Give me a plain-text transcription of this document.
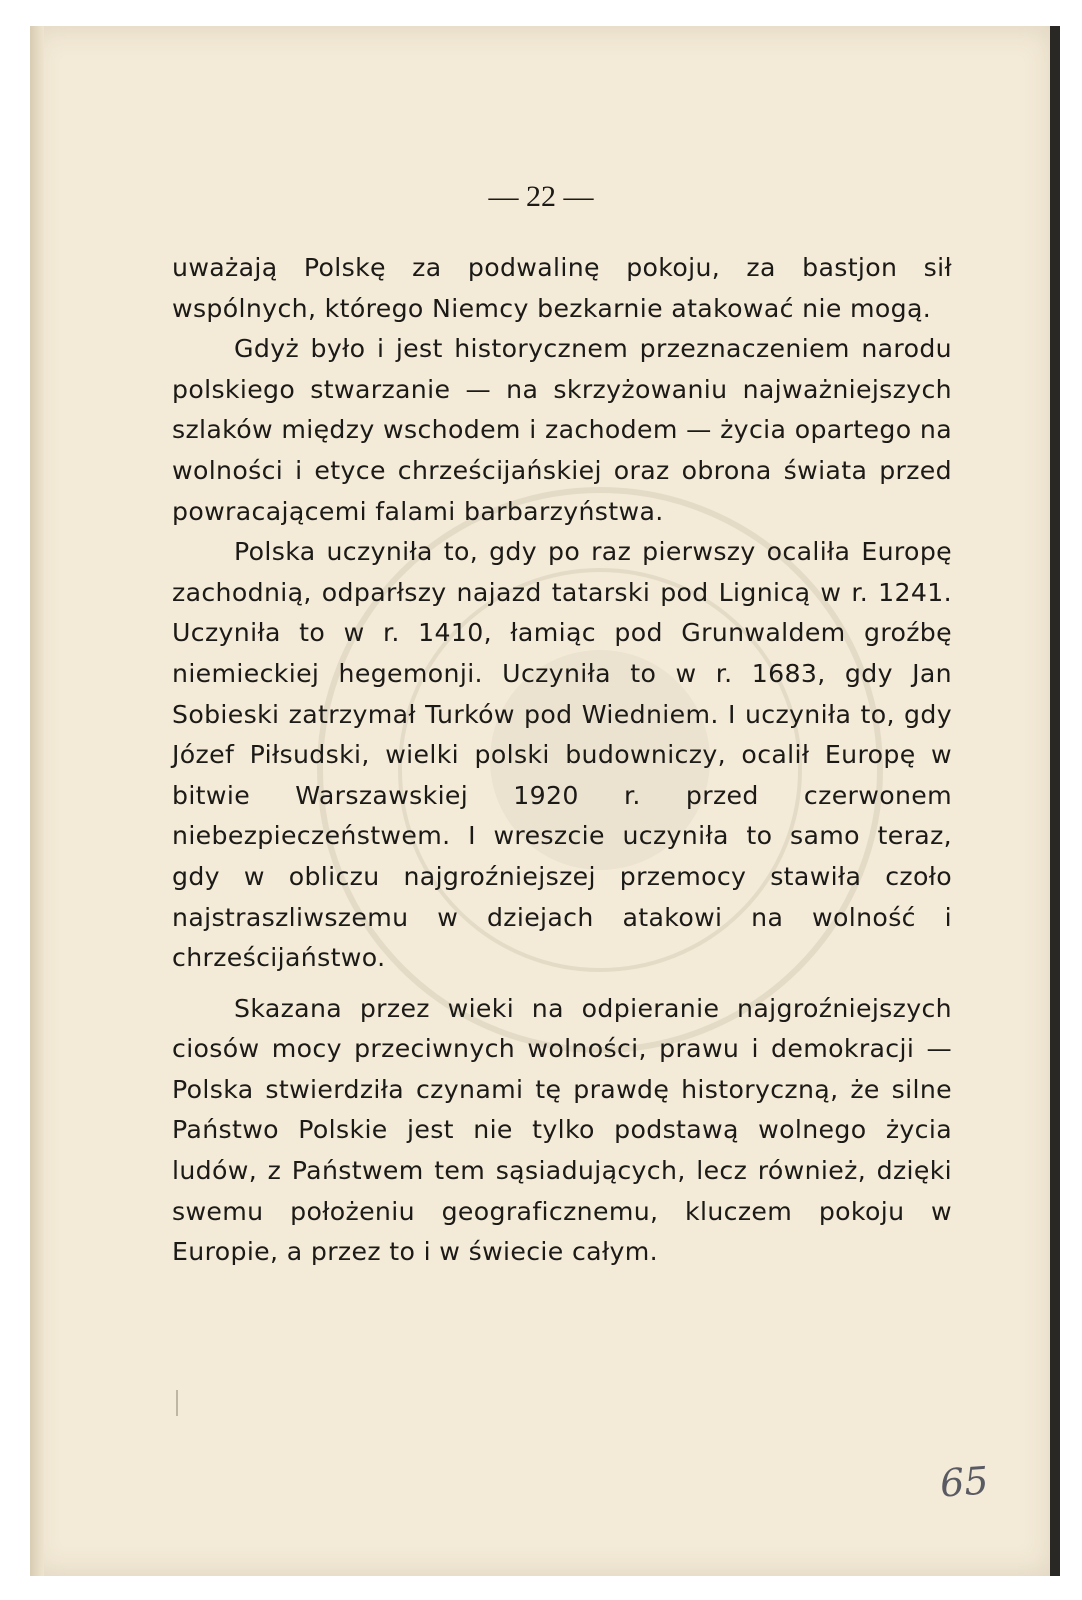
— 22 —

uważają Polskę za podwalinę pokoju, za bastjon sił wspólnych, którego Niemcy bezkarnie atakować nie mogą.

Gdyż było i jest historycznem przeznaczeniem narodu polskiego stwarzanie — na skrzyżowaniu najważniejszych szlaków między wschodem i zachodem — życia opartego na wolności i etyce chrześcijańskiej oraz obrona świata przed powracającemi falami barbarzyństwa.

Polska uczyniła to, gdy po raz pierwszy ocaliła Europę zachodnią, odparłszy najazd tatarski pod Lignicą w r. 1241. Uczyniła to w r. 1410, łamiąc pod Grunwaldem groźbę niemieckiej hegemonji. Uczyniła to w r. 1683, gdy Jan Sobieski zatrzymał Turków pod Wiedniem. I uczyniła to, gdy Józef Piłsudski, wielki polski budowniczy, ocalił Europę w bitwie Warszawskiej 1920 r. przed czerwonem niebezpieczeństwem. I wreszcie uczyniła to samo teraz, gdy w obliczu najgroźniejszej przemocy stawiła czoło najstraszliwszemu w dziejach atakowi na wolność i chrześcijaństwo.

Skazana przez wieki na odpieranie najgroźniejszych ciosów mocy przeciwnych wolności, prawu i demokracji — Polska stwierdziła czynami tę prawdę historyczną, że silne Państwo Polskie jest nie tylko podstawą wolnego życia ludów, z Państwem tem sąsiadujących, lecz również, dzięki swemu położeniu geograficznemu, kluczem pokoju w Europie, a przez to i w świecie całym.

65
